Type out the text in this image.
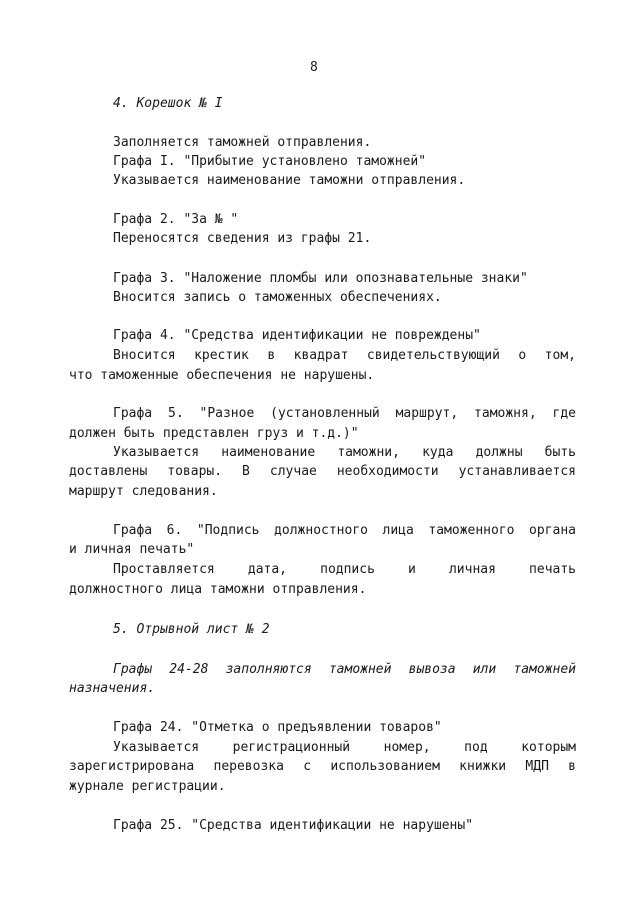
8
4. Корешок № I
Заполняется таможней отправления.
Графа I. "Прибытие установлено таможней"
Указывается наименование таможни отправления.
Графа 2. "За № "
Переносятся сведения из графы 21.
Графа 3. "Наложение пломбы или опознавательные знаки"
Вносится запись о таможенных обеспечениях.
Графа 4. "Средства идентификации не повреждены"
Вносится крестик в квадрат свидетельствующий о том,
что таможенные обеспечения не нарушены.
Графа 5. "Разное (установленный маршрут, таможня, где
должен быть представлен груз и т.д.)"
Указывается наименование таможни, куда должны быть
доставлены товары. В случае необходимости устанавливается
маршрут следования.
Графа 6. "Подпись должностного лица таможенного органа
и личная печать"
Проставляется дата, подпись и личная печать
должностного лица таможни отправления.
5. Отрывной лист № 2
Графы 24-28 заполняются таможней вывоза или таможней
назначения.
Графа 24. "Отметка о предъявлении товаров"
Указывается регистрационный номер, под которым
зарегистрирована перевозка с использованием книжки МДП в
журнале регистрации.
Графа 25. "Средства идентификации не нарушены"
